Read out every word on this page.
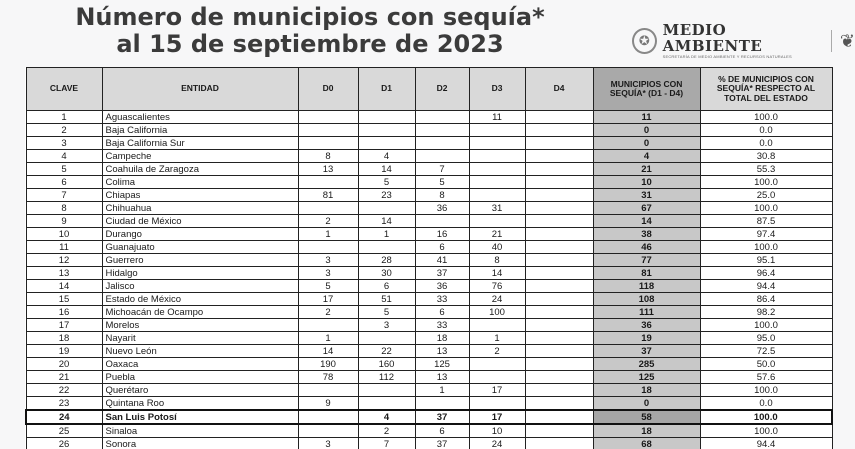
Número de municipios con sequía*
al 15 de septiembre de 2023	✪
MEDIO AMBIENTE
SECRETARÍA DE MEDIO AMBIENTE Y RECURSOS NATURALES
❦
CLAVE	ENTIDAD	D0	D1	D2	D3	D4	MUNICIPIOS CON SEQUÍA* (D1 - D4)	% DE MUNICIPIOS CON SEQUÍA* RESPECTO AL TOTAL DEL ESTADO
1	Aguascalientes				11		11	100.0
2	Baja California						0	0.0
3	Baja California Sur						0	0.0
4	Campeche	8	4				4	30.8
5	Coahuila de Zaragoza	13	14	7			21	55.3
6	Colima		5	5			10	100.0
7	Chiapas	81	23	8			31	25.0
8	Chihuahua			36	31		67	100.0
9	Ciudad de México	2	14				14	87.5
10	Durango	1	1	16	21		38	97.4
11	Guanajuato			6	40		46	100.0
12	Guerrero	3	28	41	8		77	95.1
13	Hidalgo	3	30	37	14		81	96.4
14	Jalisco	5	6	36	76		118	94.4
15	Estado de México	17	51	33	24		108	86.4
16	Michoacán de Ocampo	2	5	6	100		111	98.2
17	Morelos		3	33			36	100.0
18	Nayarit	1		18	1		19	95.0
19	Nuevo León	14	22	13	2		37	72.5
20	Oaxaca	190	160	125			285	50.0
21	Puebla	78	112	13			125	57.6
22	Querétaro			1	17		18	100.0
23	Quintana Roo	9					0	0.0
24	San Luis Potosí		4	37	17		58	100.0
25	Sinaloa		2	6	10		18	100.0
26	Sonora	3	7	37	24		68	94.4
